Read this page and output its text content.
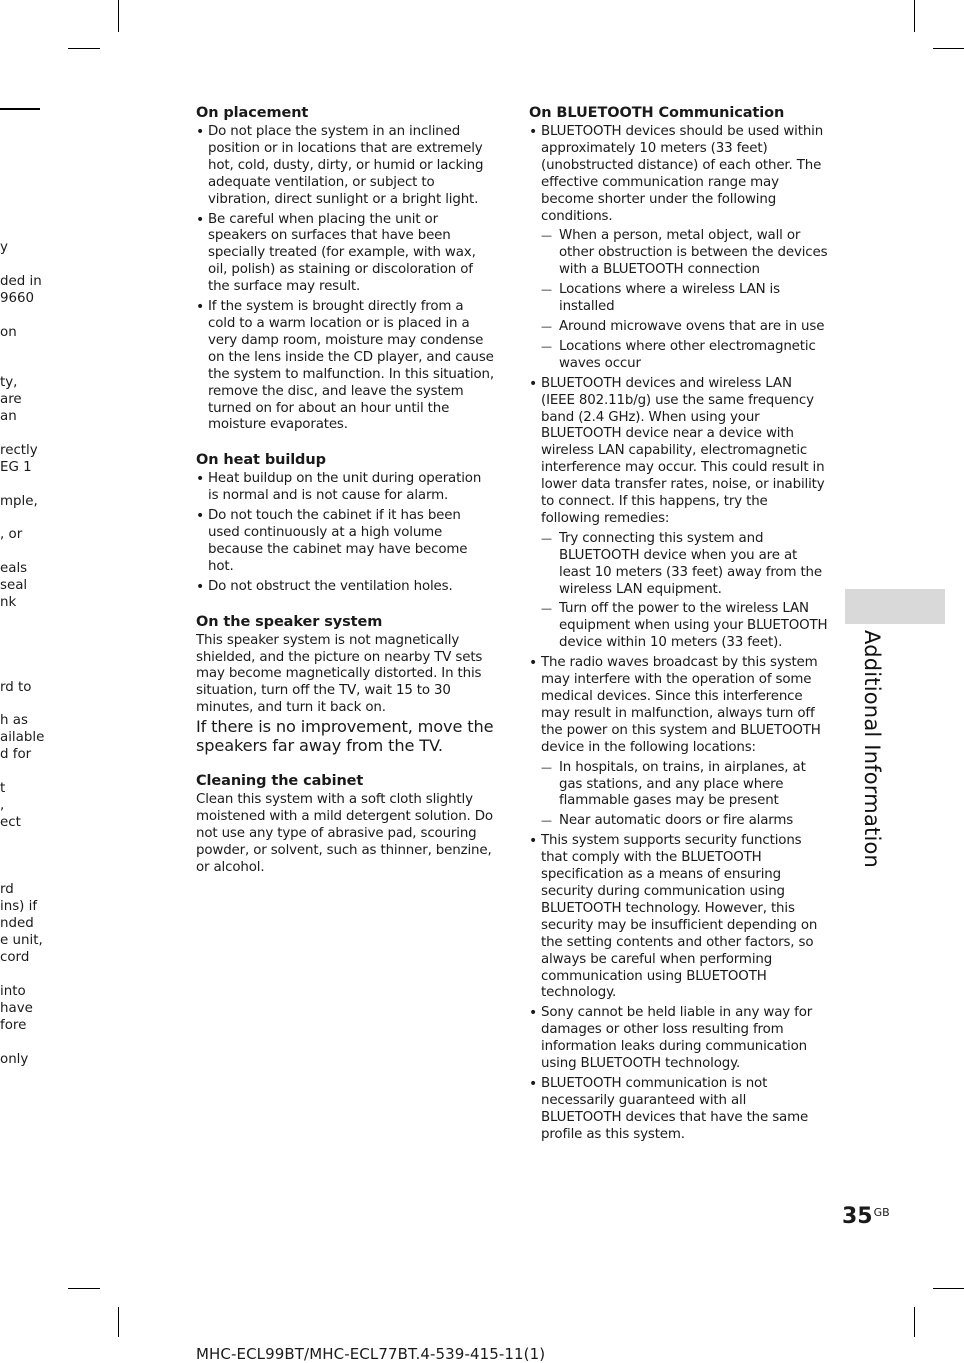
y

ded in
9660

on

ty,
are
an

rectly
EG 1

mple,

, or

eals
seal
nk

rd to

h as
ailable
d for

t
,
ect

rd
ins) if
nded
e unit,
cord

into
have
fore

only
On placement
• Do not place the system in an inclined position or in locations that are extremely hot, cold, dusty, dirty, or humid or lacking adequate ventilation, or subject to vibration, direct sunlight or a bright light.
• Be careful when placing the unit or speakers on surfaces that have been specially treated (for example, with wax, oil, polish) as staining or discoloration of the surface may result.
• If the system is brought directly from a cold to a warm location or is placed in a very damp room, moisture may condense on the lens inside the CD player, and cause the system to malfunction. In this situation, remove the disc, and leave the system turned on for about an hour until the moisture evaporates.
On heat buildup
• Heat buildup on the unit during operation is normal and is not cause for alarm.
• Do not touch the cabinet if it has been used continuously at a high volume because the cabinet may have become hot.
• Do not obstruct the ventilation holes.
On the speaker system

This speaker system is not magnetically shielded, and the picture on nearby TV sets may become magnetically distorted. In this situation, turn off the TV, wait 15 to 30 minutes, and turn it back on.

If there is no improvement, move the speakers far away from the TV.

Cleaning the cabinet

Clean this system with a soft cloth slightly moistened with a mild detergent solution. Do not use any type of abrasive pad, scouring powder, or solvent, such as thinner, benzine, or alcohol.

On BLUETOOTH Communication
• BLUETOOTH devices should be used within approximately 10 meters (33 feet) (unobstructed distance) of each other. The effective communication range may become shorter under the following conditions.
— When a person, metal object, wall or other obstruction is between the devices with a BLUETOOTH connection
— Locations where a wireless LAN is installed
— Around microwave ovens that are in use
— Locations where other electromagnetic waves occur
• BLUETOOTH devices and wireless LAN (IEEE 802.11b/g) use the same frequency band (2.4 GHz). When using your BLUETOOTH device near a device with wireless LAN capability, electromagnetic interference may occur. This could result in lower data transfer rates, noise, or inability to connect. If this happens, try the following remedies:
— Try connecting this system and BLUETOOTH device when you are at least 10 meters (33 feet) away from the wireless LAN equipment.
— Turn off the power to the wireless LAN equipment when using your BLUETOOTH device within 10 meters (33 feet).
• The radio waves broadcast by this system may interfere with the operation of some medical devices. Since this interference may result in malfunction, always turn off the power on this system and BLUETOOTH device in the following locations:
— In hospitals, on trains, in airplanes, at gas stations, and any place where flammable gases may be present
— Near automatic doors or fire alarms
• This system supports security functions that comply with the BLUETOOTH specification as a means of ensuring security during communication using BLUETOOTH technology. However, this security may be insufficient depending on the setting contents and other factors, so always be careful when performing communication using BLUETOOTH technology.
• Sony cannot be held liable in any way for damages or other loss resulting from information leaks during communication using BLUETOOTH technology.
• BLUETOOTH communication is not necessarily guaranteed with all BLUETOOTH devices that have the same profile as this system.
Additional Information
$35^{GB}$
MHC-ECL99BT/MHC-ECL77BT.4-539-415-11(1)
